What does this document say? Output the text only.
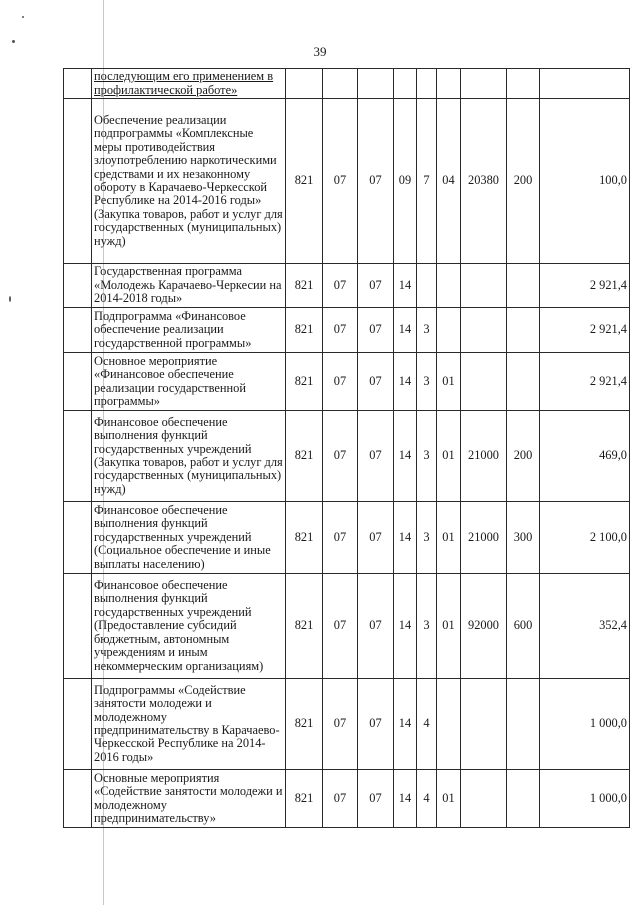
39
	последующим его применением в профилактической работе»									
	Обеспечение реализации подпрограммы «Комплексные меры противодействия злоупотреблению наркотическими средствами и их незаконному обороту в Карачаево-Черкесской Республике на 2014-2016 годы» (Закупка товаров, работ и услуг для государственных (муниципальных) нужд)	821	07	07	09	7	04	20380	200	100,0
	Государственная программа «Молодежь Карачаево-Черкесии на 2014-2018 годы»	821	07	07	14					2 921,4
	Подпрограмма «Финансовое обеспечение реализации государственной программы»	821	07	07	14	3				2 921,4
	Основное мероприятие «Финансовое обеспечение реализации государственной программы»	821	07	07	14	3	01			2 921,4
	Финансовое обеспечение выполнения функций государственных учреждений (Закупка товаров, работ и услуг для государственных (муниципальных) нужд)	821	07	07	14	3	01	21000	200	469,0
	Финансовое обеспечение выполнения функций государственных учреждений (Социальное обеспечение и иные выплаты населению)	821	07	07	14	3	01	21000	300	2 100,0
	Финансовое обеспечение выполнения функций государственных учреждений (Предоставление субсидий бюджетным, автономным учреждениям и иным некоммерческим организациям)	821	07	07	14	3	01	92000	600	352,4
	Подпрограммы «Содействие занятости молодежи и молодежному предпринимательству в Карачаево-Черкесской Республике на 2014-2016 годы»	821	07	07	14	4				1 000,0
	Основные мероприятия «Содействие занятости молодежи и молодежному предпринимательству»	821	07	07	14	4	01			1 000,0
